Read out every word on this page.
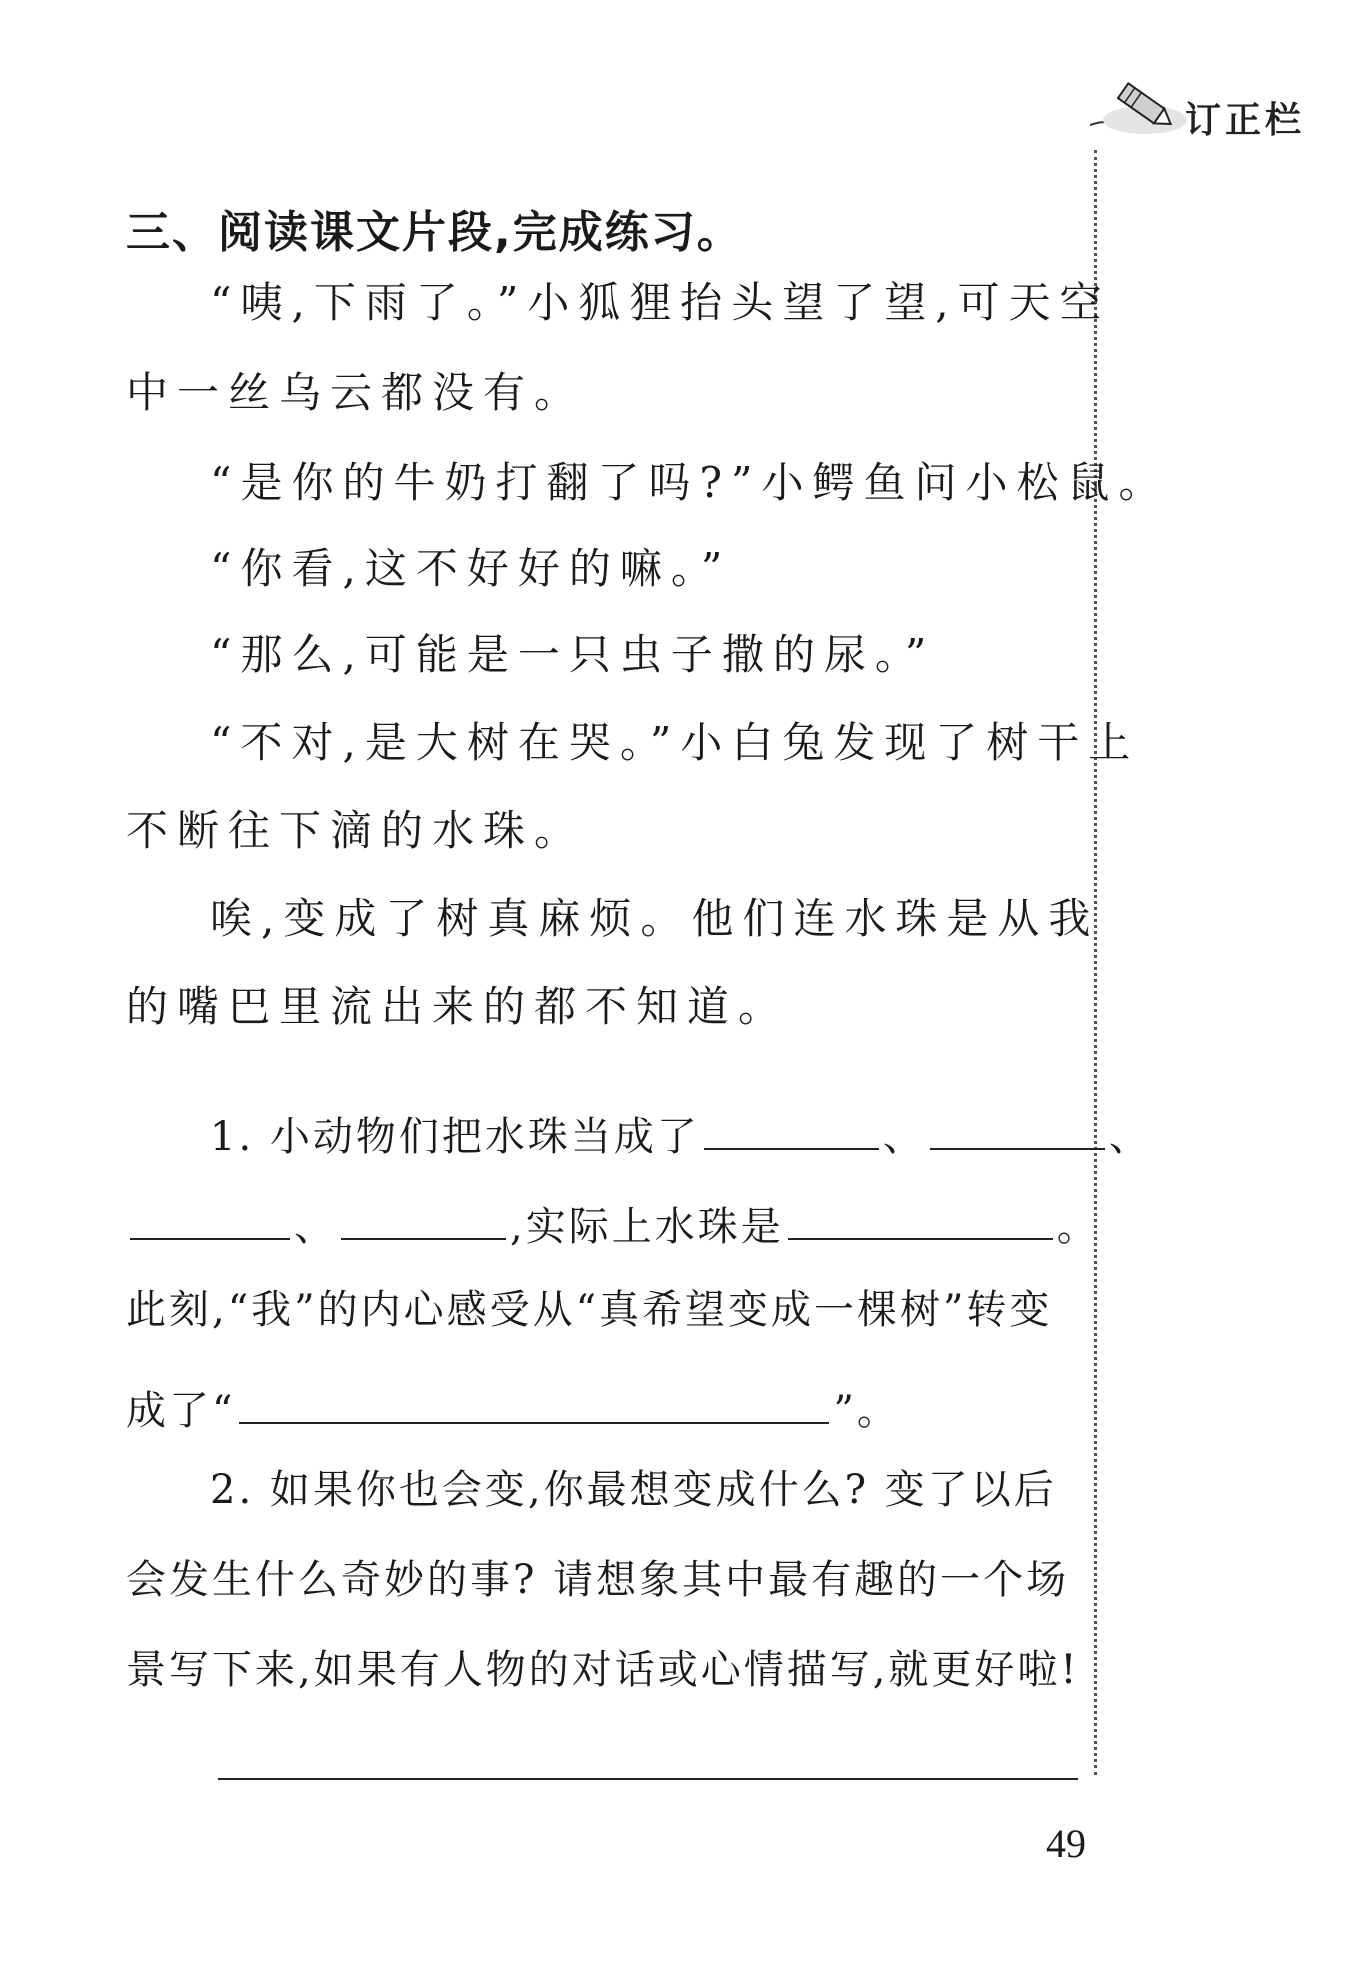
订正栏
三、阅读课文片段,完成练习。
“咦,下雨了。”小狐狸抬头望了望,可天空
中一丝乌云都没有。
“是你的牛奶打翻了吗?”小鳄鱼问小松鼠。
“你看,这不好好的嘛。”
“那么,可能是一只虫子撒的尿。”
“不对,是大树在哭。”小白兔发现了树干上
不断往下滴的水珠。
唉,变成了树真麻烦。他们连水珠是从我
的嘴巴里流出来的都不知道。
1. 小动物们把水珠当成了	、	、
、	,实际上水珠是	。
此刻,“我”的内心感受从“真希望变成一棵树”转变
成了“	”。
2. 如果你也会变,你最想变成什么? 变了以后
会发生什么奇妙的事? 请想象其中最有趣的一个场
景写下来,如果有人物的对话或心情描写,就更好啦!
49
